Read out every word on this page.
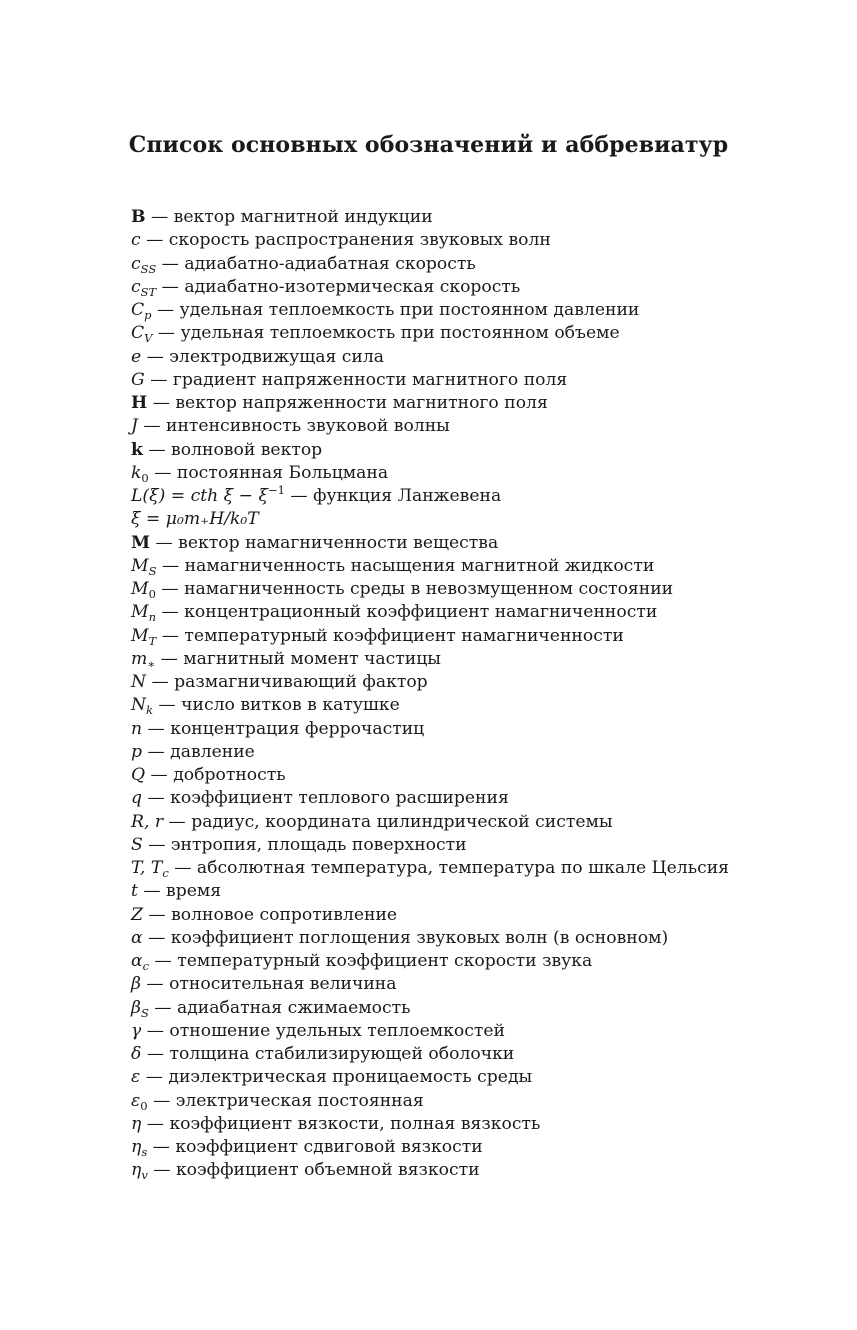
Список основных обозначений и аббревиатур
B — вектор магнитной индукции
c — скорость распространения звуковых волн
$c_{SS}$ — адиабатно-адиабатная скорость
$c_{ST}$ — адиабатно-изотермическая скорость
$C_p$ — удельная теплоемкость при постоянном давлении
$C_V$ — удельная теплоемкость при постоянном объеме
e — электродвижущая сила
G — градиент напряженности магнитного поля
H — вектор напряженности магнитного поля
J — интенсивность звуковой волны
k — волновой вектор
$k_0$ — постоянная Больцмана
L(ξ) = cth $\xi - \xi^{-1}$ — функция Ланжевена
ξ = μ₀m₊H/k₀T
M — вектор намагниченности вещества
$M_S$ — намагниченность насыщения магнитной жидкости
$M_0$ — намагниченность среды в невозмущенном состоянии
$M_n$ — концентрационный коэффициент намагниченности
$M_T$ — температурный коэффициент намагниченности
$m_∗$ — магнитный момент частицы
N — размагничивающий фактор
$N_k$ — число витков в катушке
n — концентрация феррочастиц
p — давление
Q — добротность
q — коэффициент теплового расширения
R, r — радиус, координата цилиндрической системы
S — энтропия, площадь поверхности
T, $T_c$ — абсолютная температура, температура по шкале Цельсия
t — время
Z — волновое сопротивление
α — коэффициент поглощения звуковых волн (в основном)
$\alpha_c$ — температурный коэффициент скорости звука
β — относительная величина
$\beta_S$ — адиабатная сжимаемость
γ — отношение удельных теплоемкостей
δ — толщина стабилизирующей оболочки
ε — диэлектрическая проницаемость среды
$\varepsilon_0$ — электрическая постоянная
η — коэффициент вязкости, полная вязкость
$\eta_s$ — коэффициент сдвиговой вязкости
$\eta_v$ — коэффициент объемной вязкости
